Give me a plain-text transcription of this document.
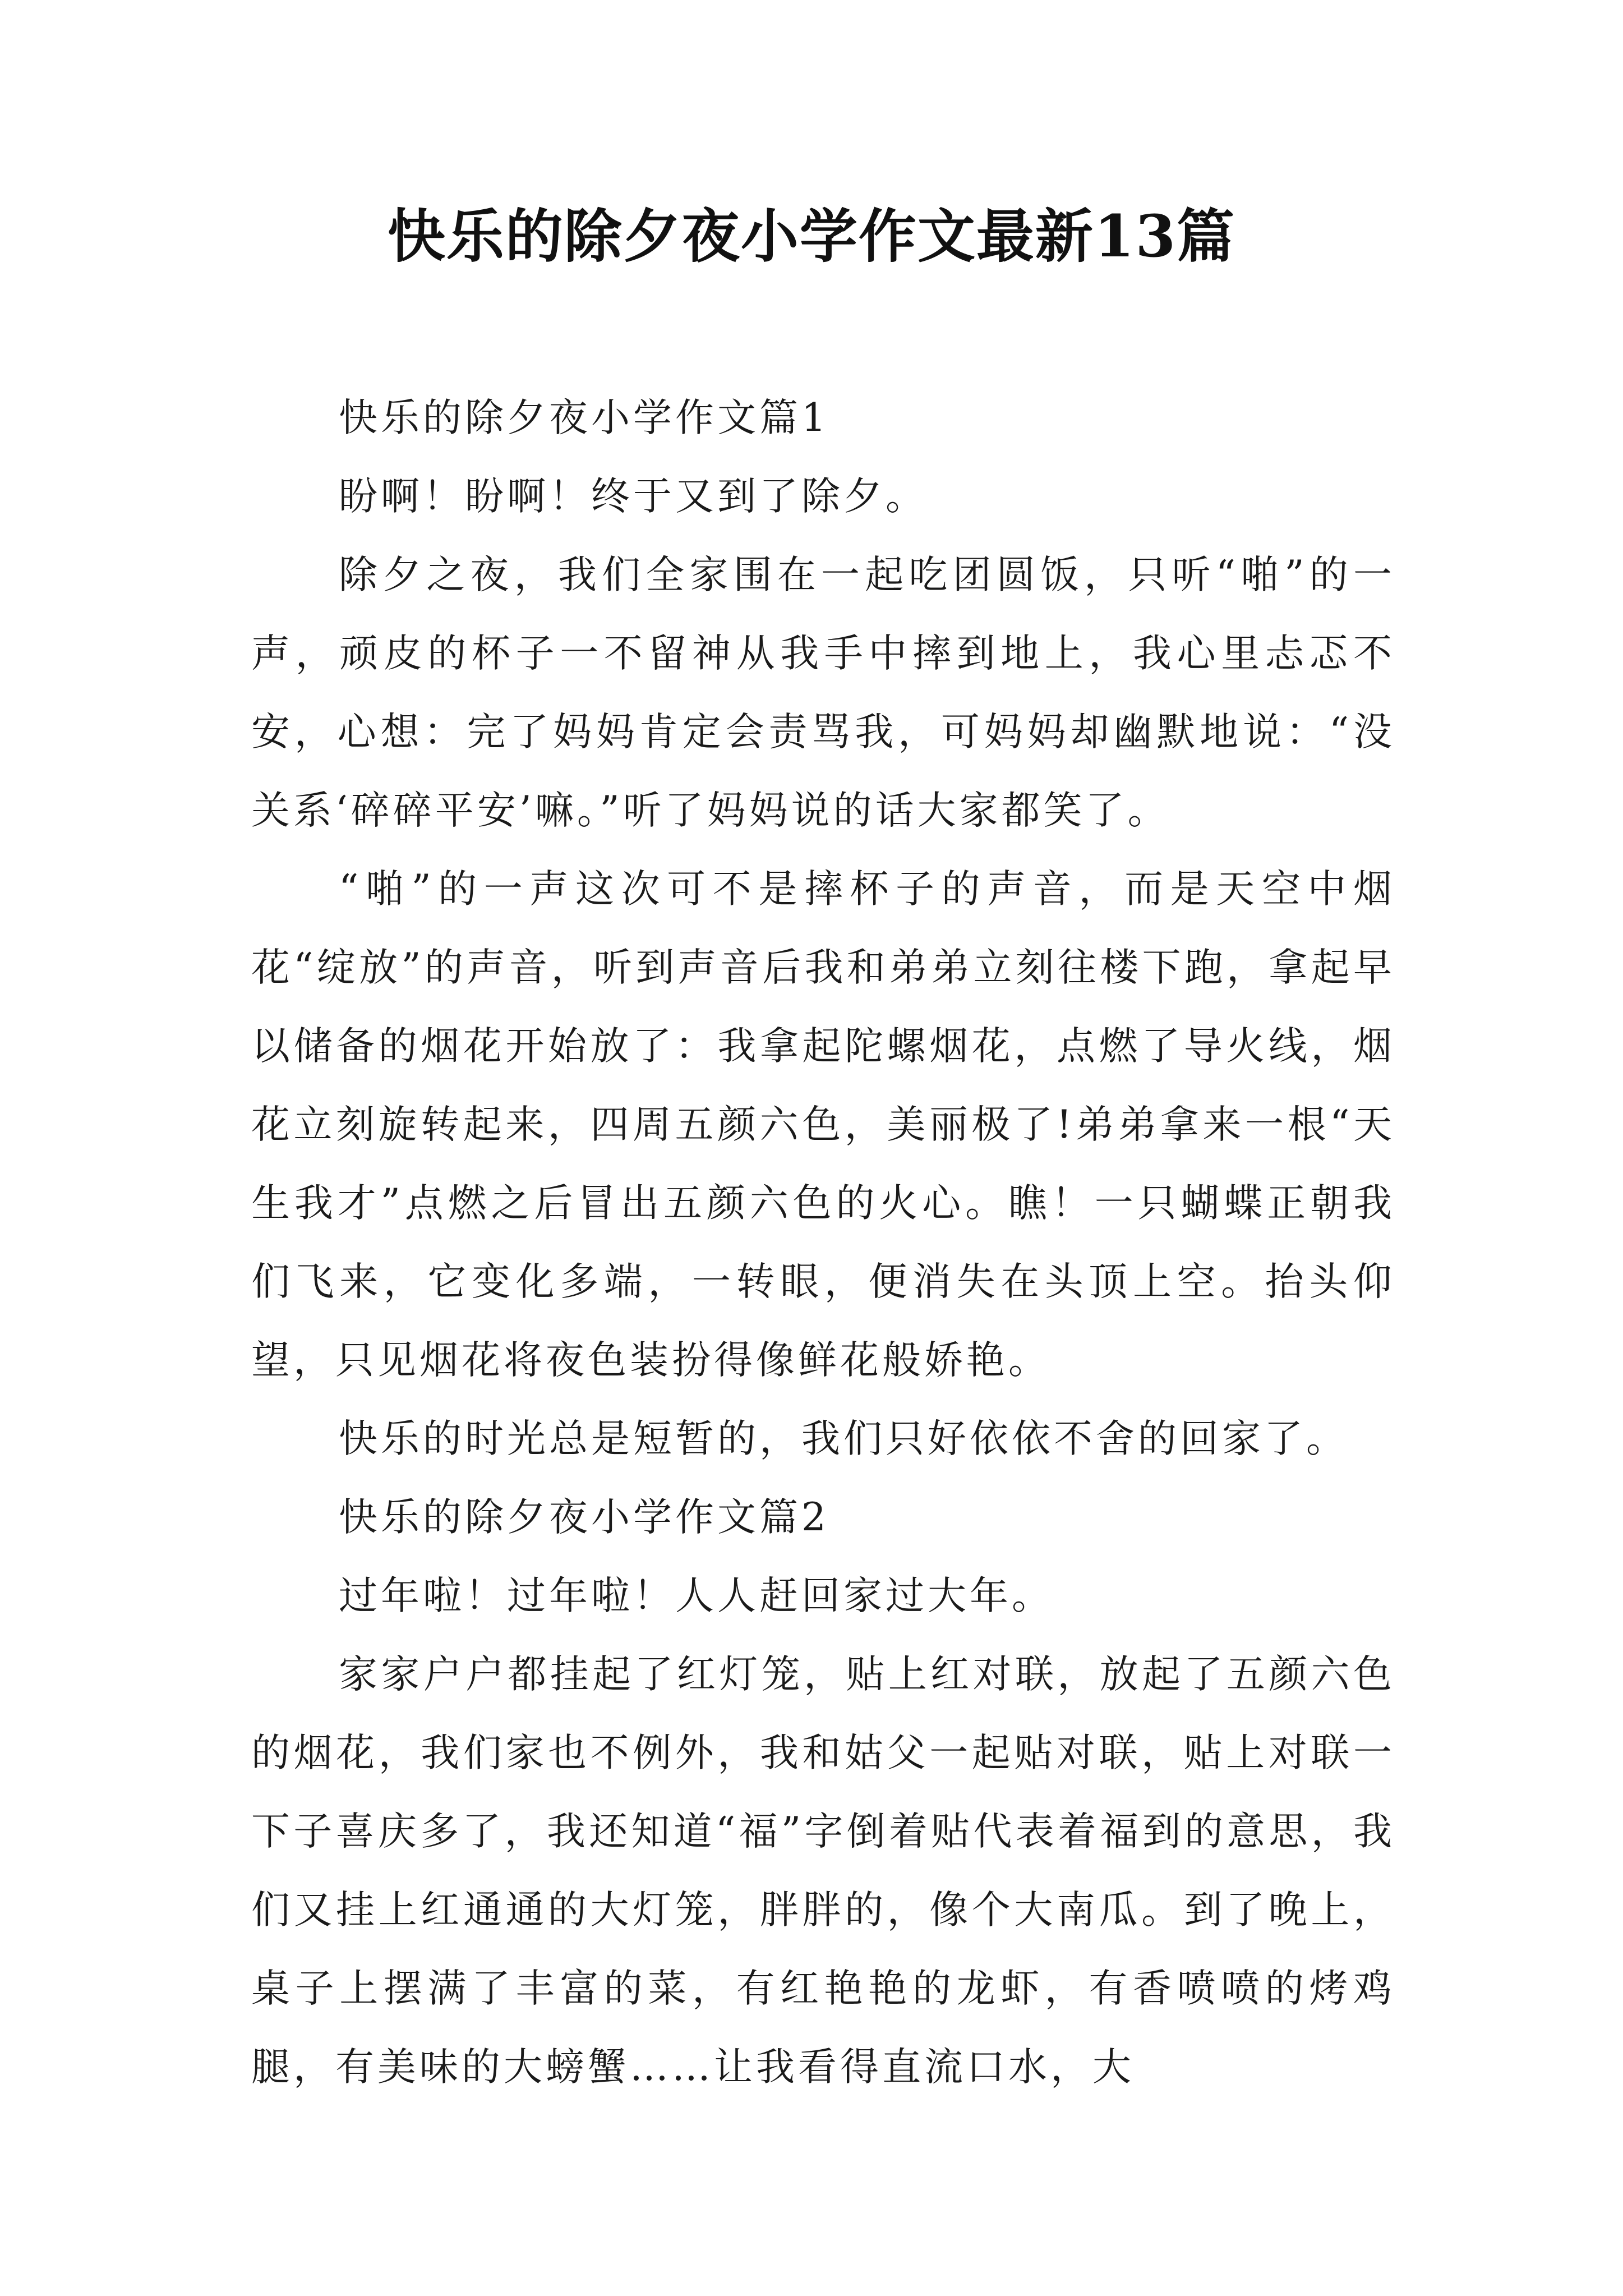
快乐的除夕夜小学作文最新13篇

快乐的除夕夜小学作文篇1

盼啊！盼啊！终于又到了除夕。

除夕之夜，我们全家围在一起吃团圆饭，只听“啪”的一声，顽皮的杯子一不留神从我手中摔到地上，我心里忐忑不安，心想：完了妈妈肯定会责骂我，可妈妈却幽默地说：“没关系‘碎碎平安’嘛。”听了妈妈说的话大家都笑了。

“啪”的一声这次可不是摔杯子的声音，而是天空中烟花“绽放”的声音，听到声音后我和弟弟立刻往楼下跑，拿起早以储备的烟花开始放了：我拿起陀螺烟花，点燃了导火线，烟花立刻旋转起来，四周五颜六色，美丽极了!弟弟拿来一根“天生我才”点燃之后冒出五颜六色的火心。瞧！一只蝴蝶正朝我们飞来，它变化多端，一转眼，便消失在头顶上空。抬头仰望，只见烟花将夜色装扮得像鲜花般娇艳。

快乐的时光总是短暂的，我们只好依依不舍的回家了。

快乐的除夕夜小学作文篇2

过年啦！过年啦！人人赶回家过大年。

家家户户都挂起了红灯笼，贴上红对联，放起了五颜六色的烟花，我们家也不例外，我和姑父一起贴对联，贴上对联一下子喜庆多了，我还知道“福”字倒着贴代表着福到的意思，我们又挂上红通通的大灯笼，胖胖的，像个大南瓜。到了晚上，桌子上摆满了丰富的菜，有红艳艳的龙虾，有香喷喷的烤鸡腿，有美味的大螃蟹……让我看得直流口水，大
